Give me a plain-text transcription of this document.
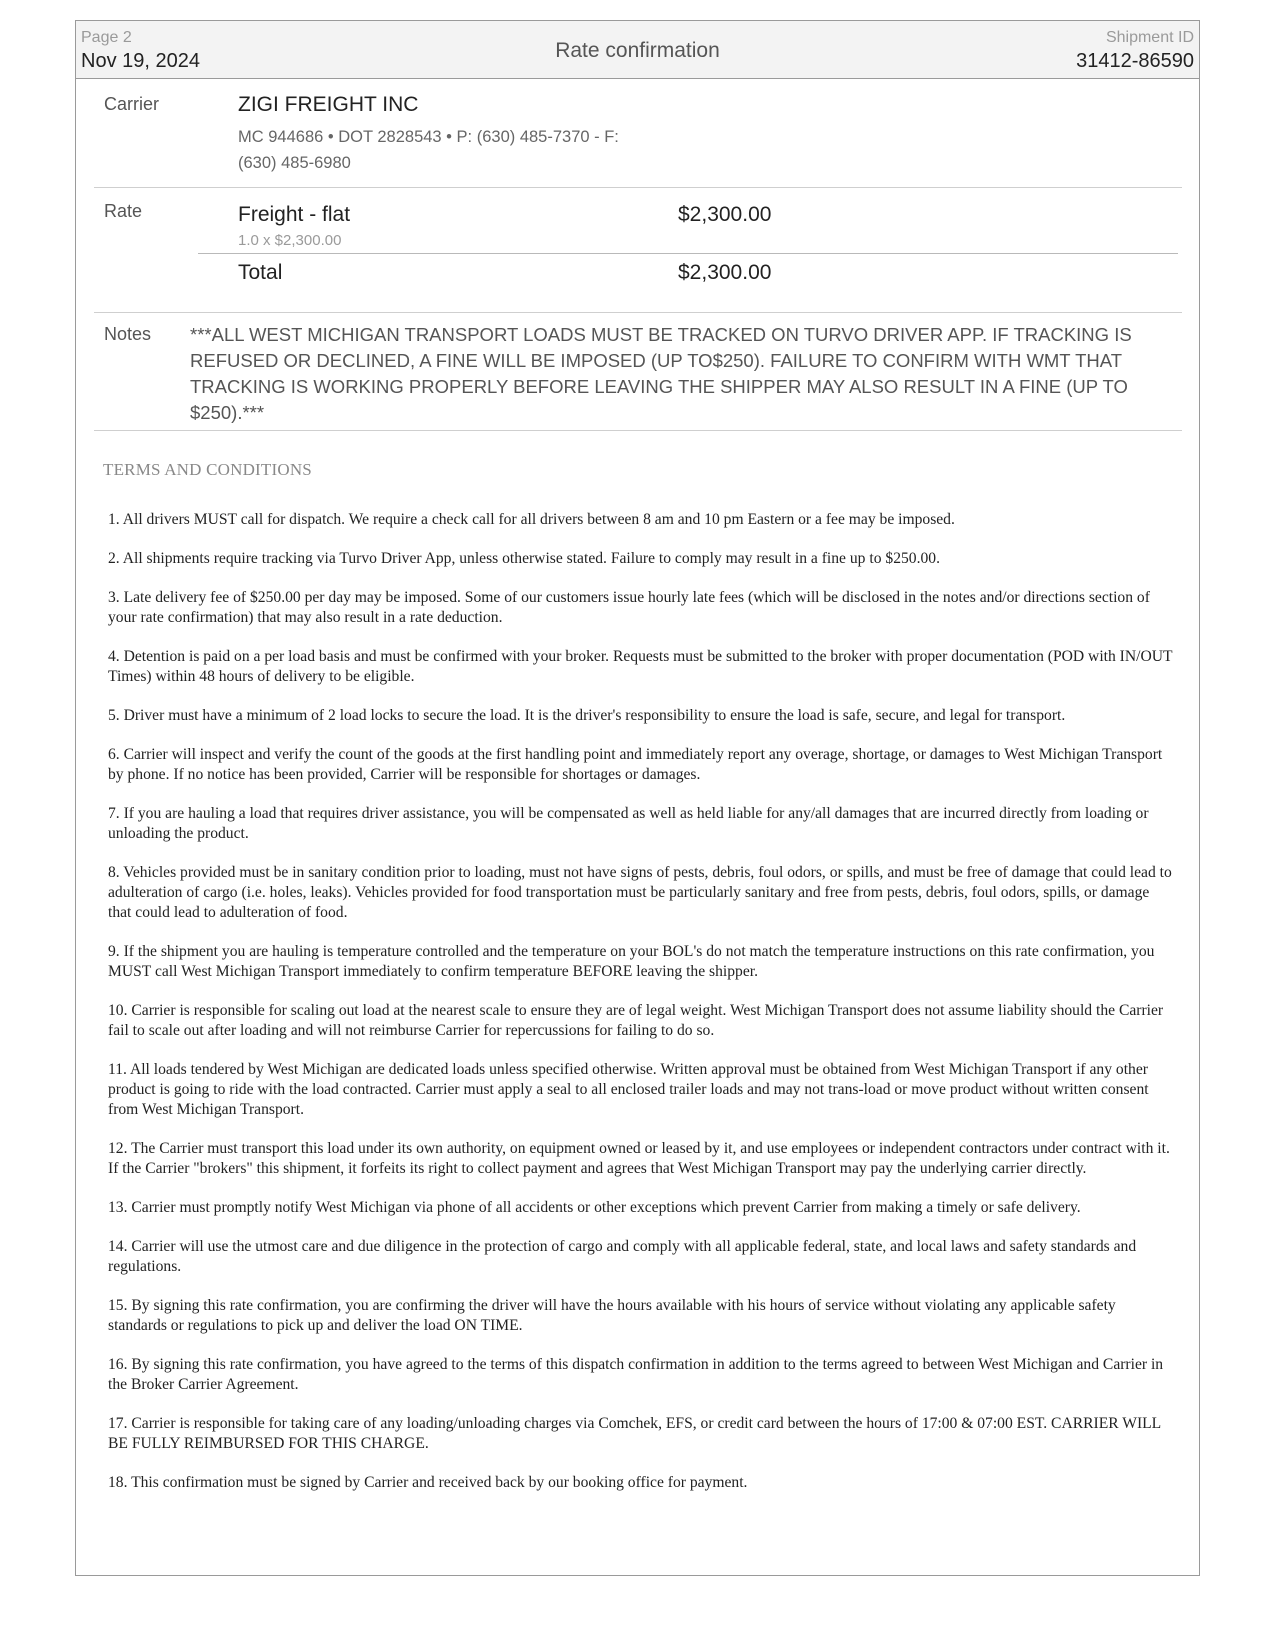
Page 2
Nov 19, 2024	Rate confirmation
Shipment ID
31412-86590
Carrier	ZIGI FREIGHT INC
MC 944686 • DOT 2828543 • P: (630) 485-7370 - F: (630) 485-6980
Rate	Freight - flat	$2,300.00
1.0 x $2,300.00
Total	$2,300.00
Notes ***ALL WEST MICHIGAN TRANSPORT LOADS MUST BE TRACKED ON TURVO DRIVER APP. IF TRACKING IS REFUSED OR DECLINED, A FINE WILL BE IMPOSED (UP TO$250). FAILURE TO CONFIRM WITH WMT THAT TRACKING IS WORKING PROPERLY BEFORE LEAVING THE SHIPPER MAY ALSO RESULT IN A FINE (UP TO $250).***
TERMS AND CONDITIONS
1. All drivers MUST call for dispatch. We require a check call for all drivers between 8 am and 10 pm Eastern or a fee may be imposed.
2. All shipments require tracking via Turvo Driver App, unless otherwise stated. Failure to comply may result in a fine up to $250.00.
3. Late delivery fee of $250.00 per day may be imposed. Some of our customers issue hourly late fees (which will be disclosed in the notes and/or directions section of your rate confirmation) that may also result in a rate deduction.
4. Detention is paid on a per load basis and must be confirmed with your broker. Requests must be submitted to the broker with proper documentation (POD with IN/OUT Times) within 48 hours of delivery to be eligible.
5. Driver must have a minimum of 2 load locks to secure the load. It is the driver's responsibility to ensure the load is safe, secure, and legal for transport.
6. Carrier will inspect and verify the count of the goods at the first handling point and immediately report any overage, shortage, or damages to West Michigan Transport by phone. If no notice has been provided, Carrier will be responsible for shortages or damages.
7. If you are hauling a load that requires driver assistance, you will be compensated as well as held liable for any/all damages that are incurred directly from loading or unloading the product.
8. Vehicles provided must be in sanitary condition prior to loading, must not have signs of pests, debris, foul odors, or spills, and must be free of damage that could lead to adulteration of cargo (i.e. holes, leaks). Vehicles provided for food transportation must be particularly sanitary and free from pests, debris, foul odors, spills, or damage that could lead to adulteration of food.
9. If the shipment you are hauling is temperature controlled and the temperature on your BOL's do not match the temperature instructions on this rate confirmation, you MUST call West Michigan Transport immediately to confirm temperature BEFORE leaving the shipper.
10. Carrier is responsible for scaling out load at the nearest scale to ensure they are of legal weight. West Michigan Transport does not assume liability should the Carrier fail to scale out after loading and will not reimburse Carrier for repercussions for failing to do so.
11. All loads tendered by West Michigan are dedicated loads unless specified otherwise. Written approval must be obtained from West Michigan Transport if any other product is going to ride with the load contracted. Carrier must apply a seal to all enclosed trailer loads and may not trans-load or move product without written consent from West Michigan Transport.
12. The Carrier must transport this load under its own authority, on equipment owned or leased by it, and use employees or independent contractors under contract with it. If the Carrier "brokers" this shipment, it forfeits its right to collect payment and agrees that West Michigan Transport may pay the underlying carrier directly.
13. Carrier must promptly notify West Michigan via phone of all accidents or other exceptions which prevent Carrier from making a timely or safe delivery.
14. Carrier will use the utmost care and due diligence in the protection of cargo and comply with all applicable federal, state, and local laws and safety standards and regulations.
15. By signing this rate confirmation, you are confirming the driver will have the hours available with his hours of service without violating any applicable safety standards or regulations to pick up and deliver the load ON TIME.
16. By signing this rate confirmation, you have agreed to the terms of this dispatch confirmation in addition to the terms agreed to between West Michigan and Carrier in the Broker Carrier Agreement.
17. Carrier is responsible for taking care of any loading/unloading charges via Comchek, EFS, or credit card between the hours of 17:00 & 07:00 EST. CARRIER WILL BE FULLY REIMBURSED FOR THIS CHARGE.
18. This confirmation must be signed by Carrier and received back by our booking office for payment.
